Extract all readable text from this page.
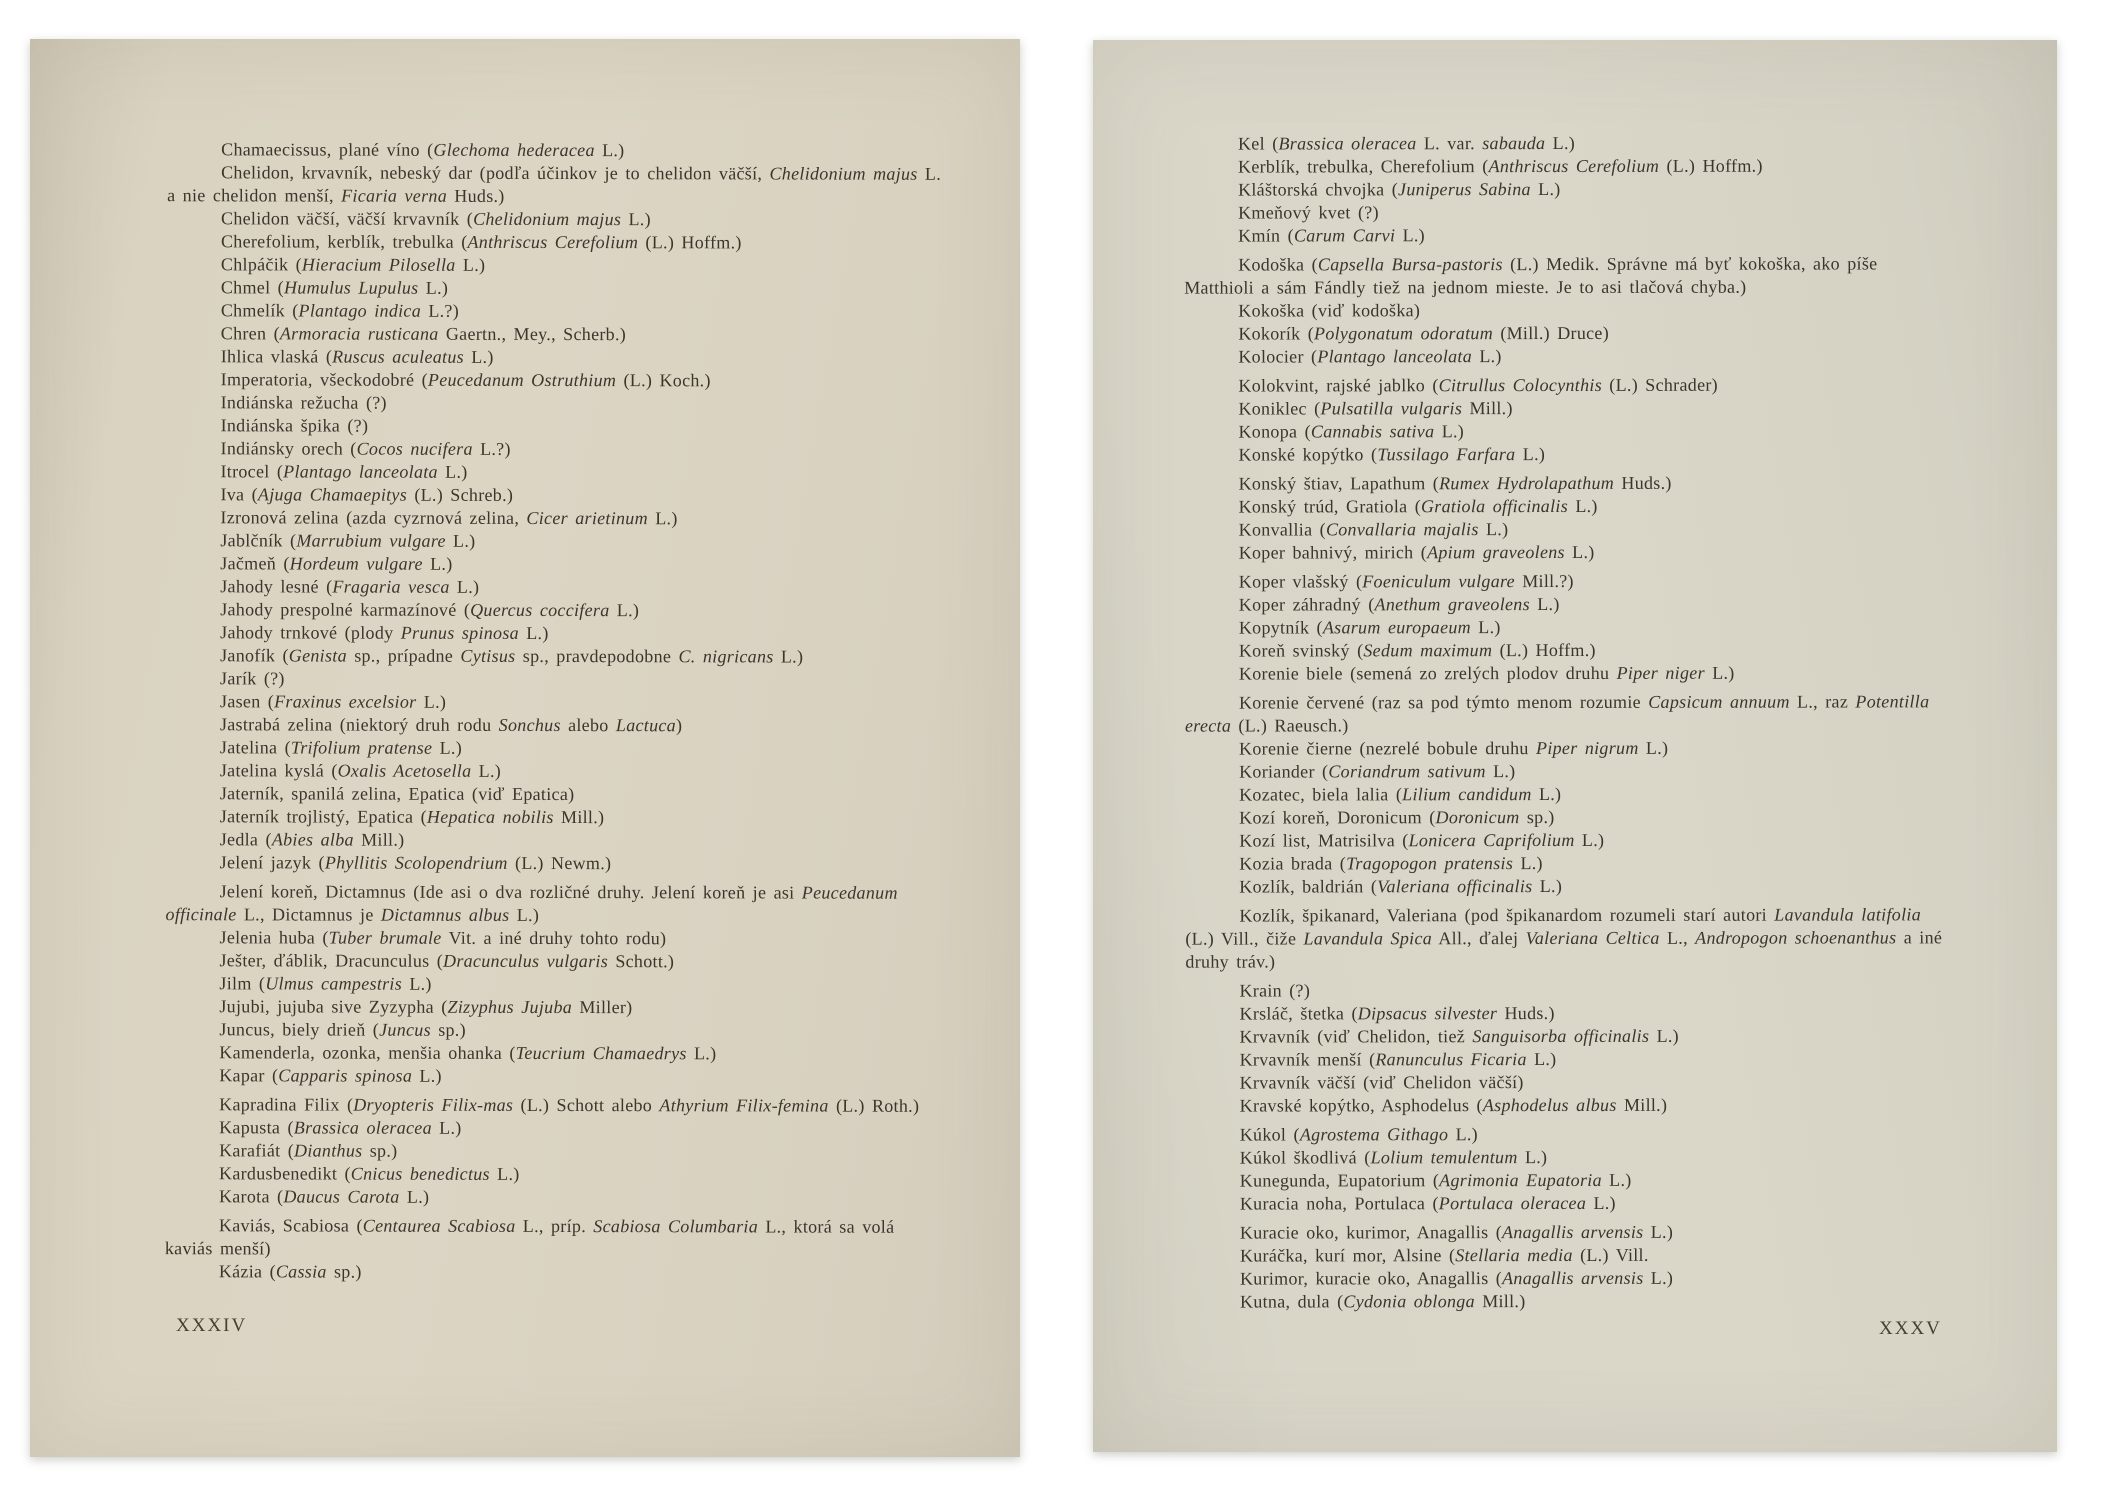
Chamaecissus, plané víno (Glechoma hederacea L.)

Chelidon, krvavník, nebeský dar (podľa účinkov je to chelidon väčší, Chelidonium majus L. a nie chelidon menší, Ficaria verna Huds.)

Chelidon väčší, väčší krvavník (Chelidonium majus L.)

Cherefolium, kerblík, trebulka (Anthriscus Cerefolium (L.) Hoffm.)

Chlpáčik (Hieracium Pilosella L.)

Chmel (Humulus Lupulus L.)

Chmelík (Plantago indica L.?)

Chren (Armoracia rusticana Gaertn., Mey., Scherb.)

Ihlica vlaská (Ruscus aculeatus L.)

Imperatoria, všeckodobré (Peucedanum Ostruthium (L.) Koch.)

Indiánska režucha (?)

Indiánska špika (?)

Indiánsky orech (Cocos nucifera L.?)

Itrocel (Plantago lanceolata L.)

Iva (Ajuga Chamaepitys (L.) Schreb.)

Izronová zelina (azda cyzrnová zelina, Cicer arietinum L.)

Jablčník (Marrubium vulgare L.)

Jačmeň (Hordeum vulgare L.)

Jahody lesné (Fragaria vesca L.)

Jahody prespolné karmazínové (Quercus coccifera L.)

Jahody trnkové (plody Prunus spinosa L.)

Janofík (Genista sp., prípadne Cytisus sp., pravdepodobne C. nigricans L.)

Jarík (?)

Jasen (Fraxinus excelsior L.)

Jastrabá zelina (niektorý druh rodu Sonchus alebo Lactuca)

Jatelina (Trifolium pratense L.)

Jatelina kyslá (Oxalis Acetosella L.)

Jaterník, spanilá zelina, Epatica (viď Epatica)

Jaterník trojlistý, Epatica (Hepatica nobilis Mill.)

Jedla (Abies alba Mill.)

Jelení jazyk (Phyllitis Scolopendrium (L.) Newm.)

Jelení koreň, Dictamnus (Ide asi o dva rozličné druhy. Jelení koreň je asi Peucedanum officinale L., Dictamnus je Dictamnus albus L.)

Jelenia huba (Tuber brumale Vit. a iné druhy tohto rodu)

Ješter, ďáblik, Dracunculus (Dracunculus vulgaris Schott.)

Jilm (Ulmus campestris L.)

Jujubi, jujuba sive Zyzypha (Zizyphus Jujuba Miller)

Juncus, biely drieň (Juncus sp.)

Kamenderla, ozonka, menšia ohanka (Teucrium Chamaedrys L.)

Kapar (Capparis spinosa L.)

Kapradina Filix (Dryopteris Filix-mas (L.) Schott alebo Athyrium Filix-femina (L.) Roth.)

Kapusta (Brassica oleracea L.)

Karafiát (Dianthus sp.)

Kardusbenedikt (Cnicus benedictus L.)

Karota (Daucus Carota L.)

Kaviás, Scabiosa (Centaurea Scabiosa L., príp. Scabiosa Columbaria L., ktorá sa volá kaviás menší)

Kázia (Cassia sp.)

XXXIV

Kel (Brassica oleracea L. var. sabauda L.)

Kerblík, trebulka, Cherefolium (Anthriscus Cerefolium (L.) Hoffm.)

Kláštorská chvojka (Juniperus Sabina L.)

Kmeňový kvet (?)

Kmín (Carum Carvi L.)

Kodoška (Capsella Bursa-pastoris (L.) Medik. Správne má byť kokoška, ako píše Matthioli a sám Fándly tiež na jednom mieste. Je to asi tlačová chyba.)

Kokoška (viď kodoška)

Kokorík (Polygonatum odoratum (Mill.) Druce)

Kolocier (Plantago lanceolata L.)

Kolokvint, rajské jablko (Citrullus Colocynthis (L.) Schrader)

Koniklec (Pulsatilla vulgaris Mill.)

Konopa (Cannabis sativa L.)

Konské kopýtko (Tussilago Farfara L.)

Konský štiav, Lapathum (Rumex Hydrolapathum Huds.)

Konský trúd, Gratiola (Gratiola officinalis L.)

Konvallia (Convallaria majalis L.)

Koper bahnivý, mirich (Apium graveolens L.)

Koper vlašský (Foeniculum vulgare Mill.?)

Koper záhradný (Anethum graveolens L.)

Kopytník (Asarum europaeum L.)

Koreň svinský (Sedum maximum (L.) Hoffm.)

Korenie biele (semená zo zrelých plodov druhu Piper niger L.)

Korenie červené (raz sa pod týmto menom rozumie Capsicum annuum L., raz Potentilla erecta (L.) Raeusch.)

Korenie čierne (nezrelé bobule druhu Piper nigrum L.)

Koriander (Coriandrum sativum L.)

Kozatec, biela lalia (Lilium candidum L.)

Kozí koreň, Doronicum (Doronicum sp.)

Kozí list, Matrisilva (Lonicera Caprifolium L.)

Kozia brada (Tragopogon pratensis L.)

Kozlík, baldrián (Valeriana officinalis L.)

Kozlík, špikanard, Valeriana (pod špikanardom rozumeli starí autori Lavandula latifolia (L.) Vill., čiže Lavandula Spica All., ďalej Valeriana Celtica L., Andropogon schoenanthus a iné druhy tráv.)

Krain (?)

Krsláč, štetka (Dipsacus silvester Huds.)

Krvavník (viď Chelidon, tiež Sanguisorba officinalis L.)

Krvavník menší (Ranunculus Ficaria L.)

Krvavník väčší (viď Chelidon väčší)

Kravské kopýtko, Asphodelus (Asphodelus albus Mill.)

Kúkol (Agrostema Githago L.)

Kúkol škodlivá (Lolium temulentum L.)

Kunegunda, Eupatorium (Agrimonia Eupatoria L.)

Kuracia noha, Portulaca (Portulaca oleracea L.)

Kuracie oko, kurimor, Anagallis (Anagallis arvensis L.)

Kuráčka, kurí mor, Alsine (Stellaria media (L.) Vill.

Kurimor, kuracie oko, Anagallis (Anagallis arvensis L.)

Kutna, dula (Cydonia oblonga Mill.)

XXXV
